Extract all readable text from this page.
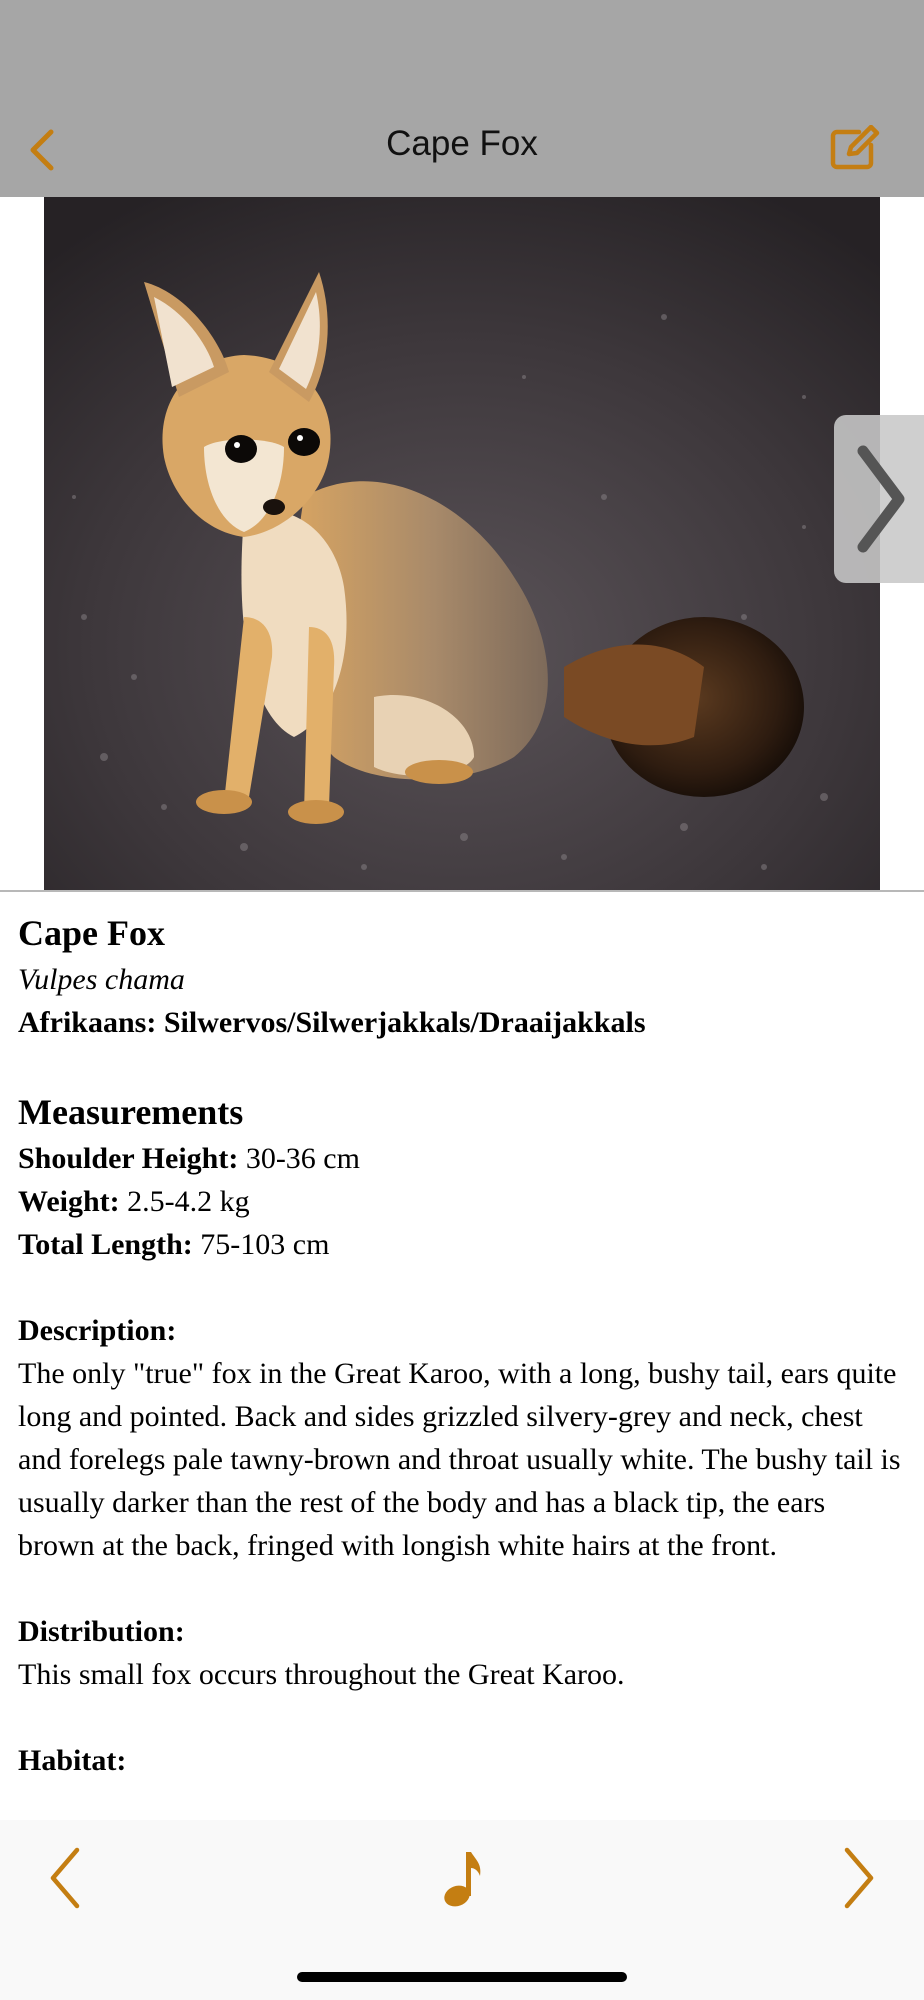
Cape Fox
Cape Fox
Vulpes chama
Afrikaans: Silwervos/Silwerjakkals/Draaijakkals
Measurements
Shoulder Height: 30-36 cm
Weight: 2.5-4.2 kg
Total Length: 75-103 cm
Description:
The only "true" fox in the Great Karoo, with a long, bushy tail, ears quite long and pointed. Back and sides grizzled silvery-grey and neck, chest and forelegs pale tawny-brown and throat usually white. The bushy tail is usually darker than the rest of the body and has a black tip, the ears brown at the back, fringed with longish white hairs at the front.
Distribution:
This small fox occurs throughout the Great Karoo.
Habitat:
